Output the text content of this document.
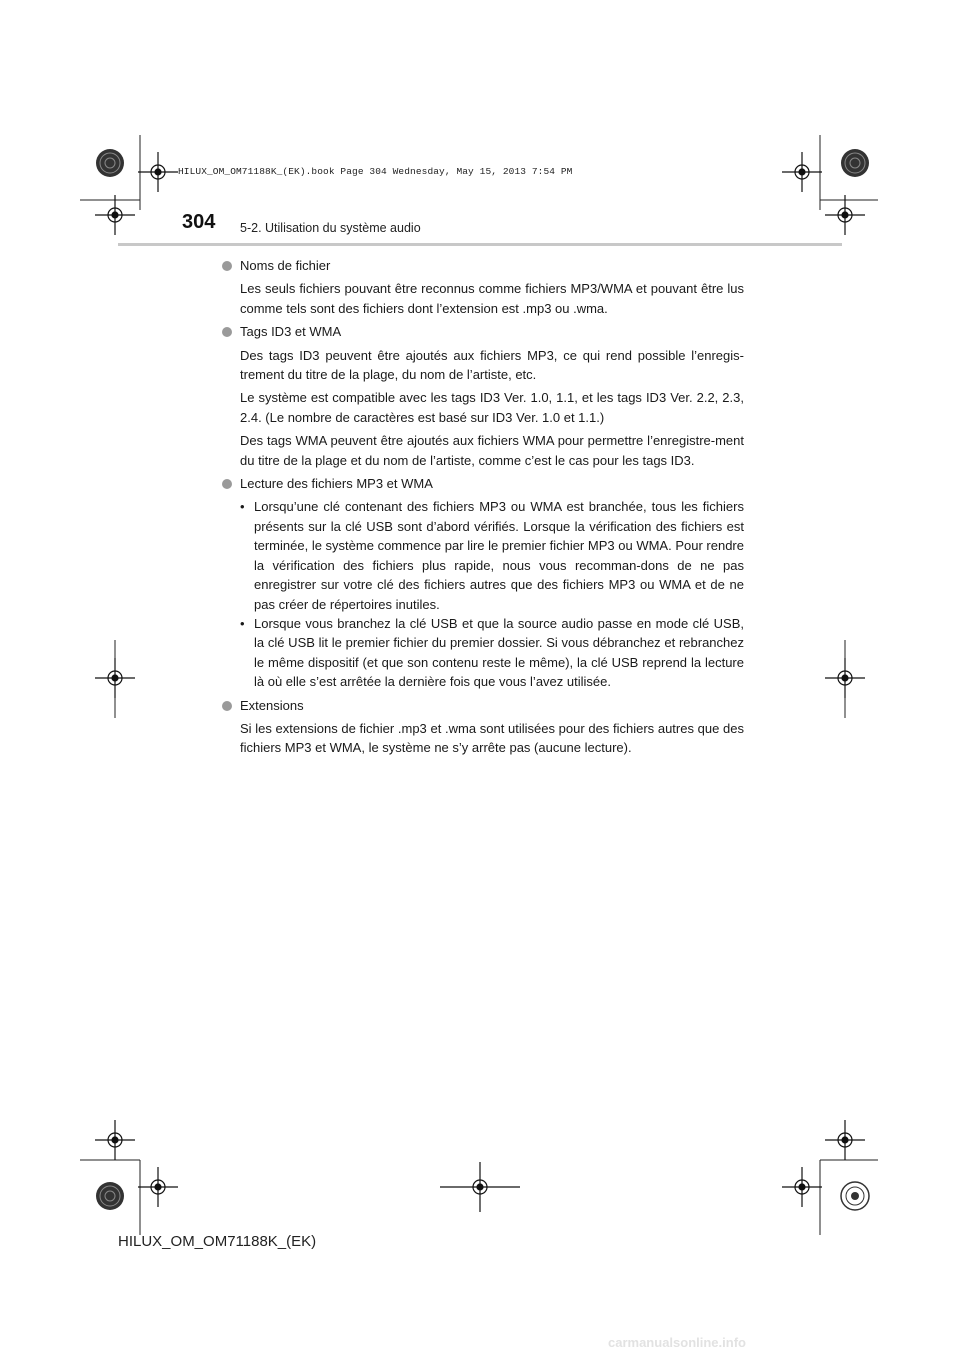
HILUX_OM_OM71188K_(EK).book Page 304 Wednesday, May 15, 2013 7:54 PM
304 5-2. Utilisation du système audio
Noms de fichier

Les seuls fichiers pouvant être reconnus comme fichiers MP3/WMA et pouvant être lus comme tels sont des fichiers dont l’extension est .mp3 ou .wma.

Tags ID3 et WMA

Des tags ID3 peuvent être ajoutés aux fichiers MP3, ce qui rend possible l’enregis-trement du titre de la plage, du nom de l’artiste, etc.

Le système est compatible avec les tags ID3 Ver. 1.0, 1.1, et les tags ID3 Ver. 2.2, 2.3, 2.4. (Le nombre de caractères est basé sur ID3 Ver. 1.0 et 1.1.)

Des tags WMA peuvent être ajoutés aux fichiers WMA pour permettre l’enregistre-ment du titre de la plage et du nom de l’artiste, comme c’est le cas pour les tags ID3.

Lecture des fichiers MP3 et WMA
• Lorsqu’une clé contenant des fichiers MP3 ou WMA est branchée, tous les fichiers présents sur la clé USB sont d’abord vérifiés. Lorsque la vérification des fichiers est terminée, le système commence par lire le premier fichier MP3 ou WMA. Pour rendre la vérification des fichiers plus rapide, nous vous recomman-dons de ne pas enregistrer sur votre clé des fichiers autres que des fichiers MP3 ou WMA et de ne pas créer de répertoires inutiles.
• Lorsque vous branchez la clé USB et que la source audio passe en mode clé USB, la clé USB lit le premier fichier du premier dossier. Si vous débranchez et rebranchez le même dispositif (et que son contenu reste le même), la clé USB reprend la lecture là où elle s’est arrêtée la dernière fois que vous l’avez utilisée.
Extensions

Si les extensions de fichier .mp3 et .wma sont utilisées pour des fichiers autres que des fichiers MP3 et WMA, le système ne s’y arrête pas (aucune lecture).

HILUX_OM_OM71188K_(EK)
carmanualsonline.info
